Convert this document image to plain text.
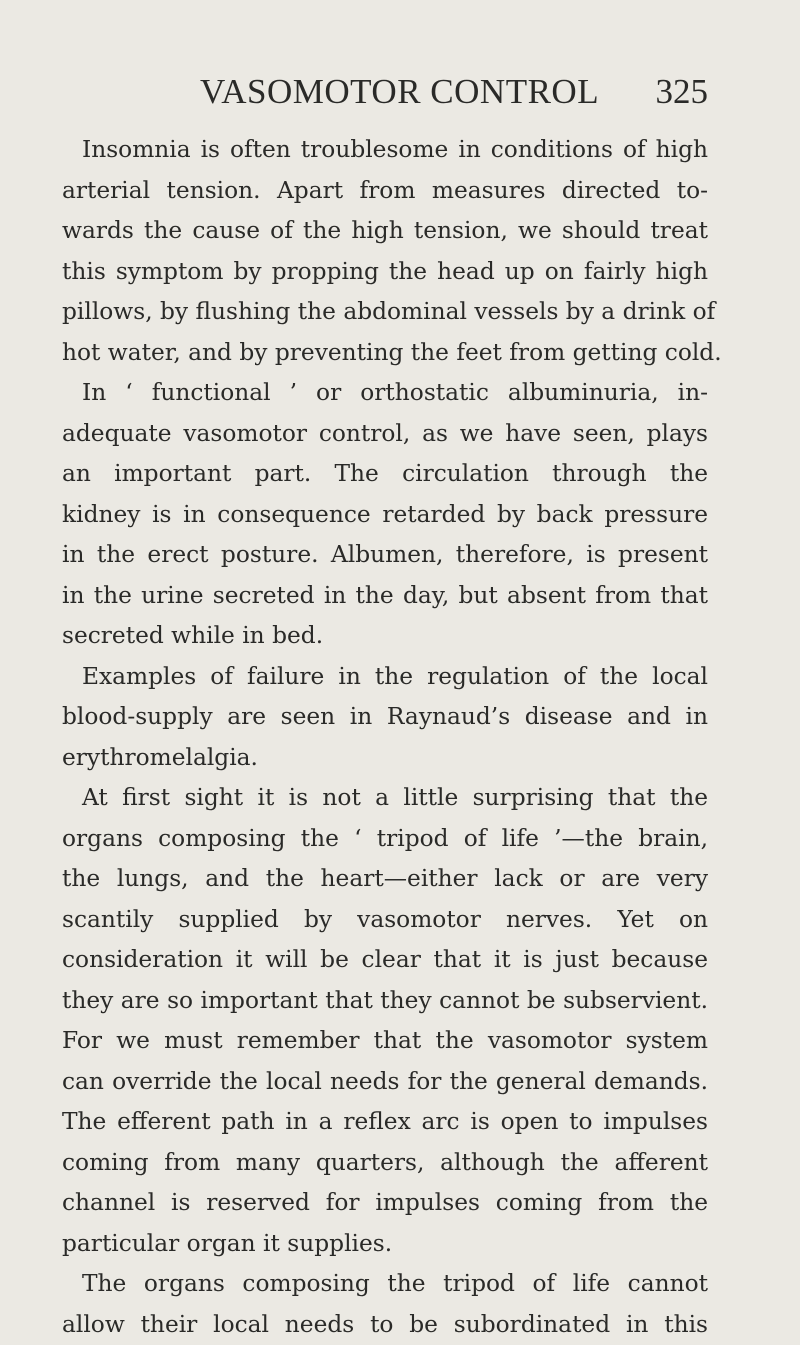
VASOMOTOR CONTROL 325
Insomnia is often troublesome in conditions of high
arterial tension. Apart from measures directed to-
wards the cause of the high tension, we should treat
this symptom by propping the head up on fairly high
pillows, by flushing the abdominal vessels by a drink of
hot water, and by preventing the feet from getting cold.
In ‘ functional ’ or orthostatic albuminuria, in-
adequate vasomotor control, as we have seen, plays
an important part. The circulation through the
kidney is in consequence retarded by back pressure
in the erect posture. Albumen, therefore, is present
in the urine secreted in the day, but absent from that
secreted while in bed.
Examples of failure in the regulation of the local
blood-supply are seen in Raynaud’s disease and in
erythromelalgia.
At first sight it is not a little surprising that the
organs composing the ‘ tripod of life ’—the brain,
the lungs, and the heart—either lack or are very
scantily supplied by vasomotor nerves. Yet on
consideration it will be clear that it is just because
they are so important that they cannot be subservient.
For we must remember that the vasomotor system
can override the local needs for the general demands.
The efferent path in a reflex arc is open to impulses
coming from many quarters, although the afferent
channel is reserved for impulses coming from the
particular organ it supplies.
The organs composing the tripod of life cannot
allow their local needs to be subordinated in this
